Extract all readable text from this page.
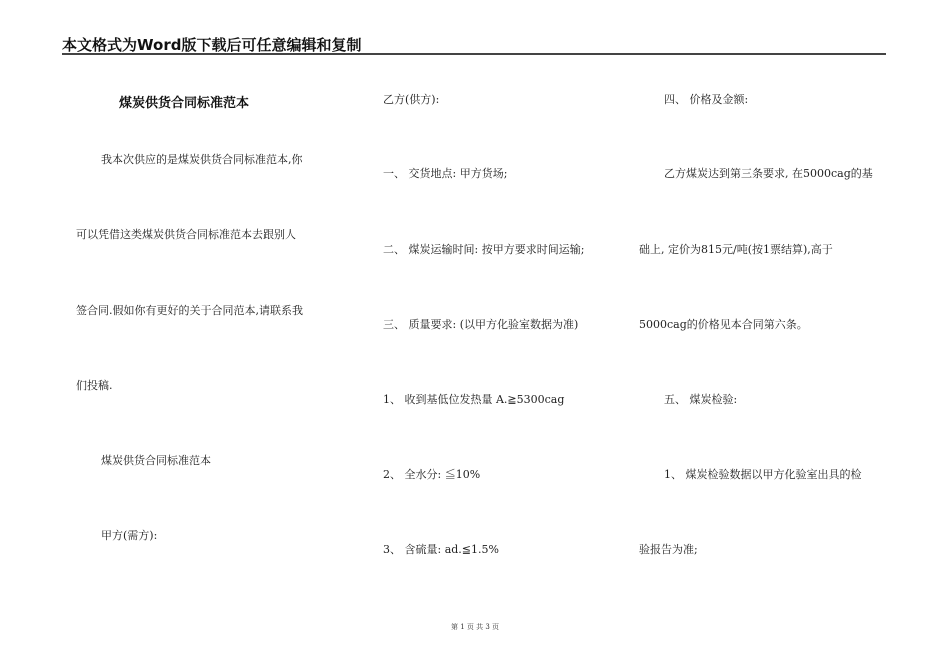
本文格式为Word版下载后可任意编辑和复制
煤炭供货合同标准范本
我本次供应的是煤炭供货合同标准范本,你
可以凭借这类煤炭供货合同标准范本去跟别人
签合同.假如你有更好的关于合同范本,请联系我
们投稿.
煤炭供货合同标准范本
甲方(需方):
乙方(供方):
一、 交货地点: 甲方货场;
二、 煤炭运输时间: 按甲方要求时间运输;
三、 质量要求: (以甲方化验室数据为准)
1、 收到基低位发热量 A.≧5300cag
2、 全水分: ≦10%
3、 含硫量: ad.≦1.5%
四、 价格及金额:
乙方煤炭达到第三条要求, 在5000cag的基
础上, 定价为815元/吨(按1票结算),高于
5000cag的价格见本合同第六条。
五、 煤炭检验:
1、 煤炭检验数据以甲方化验室出具的检
验报告为准;
第 1 页 共 3 页
